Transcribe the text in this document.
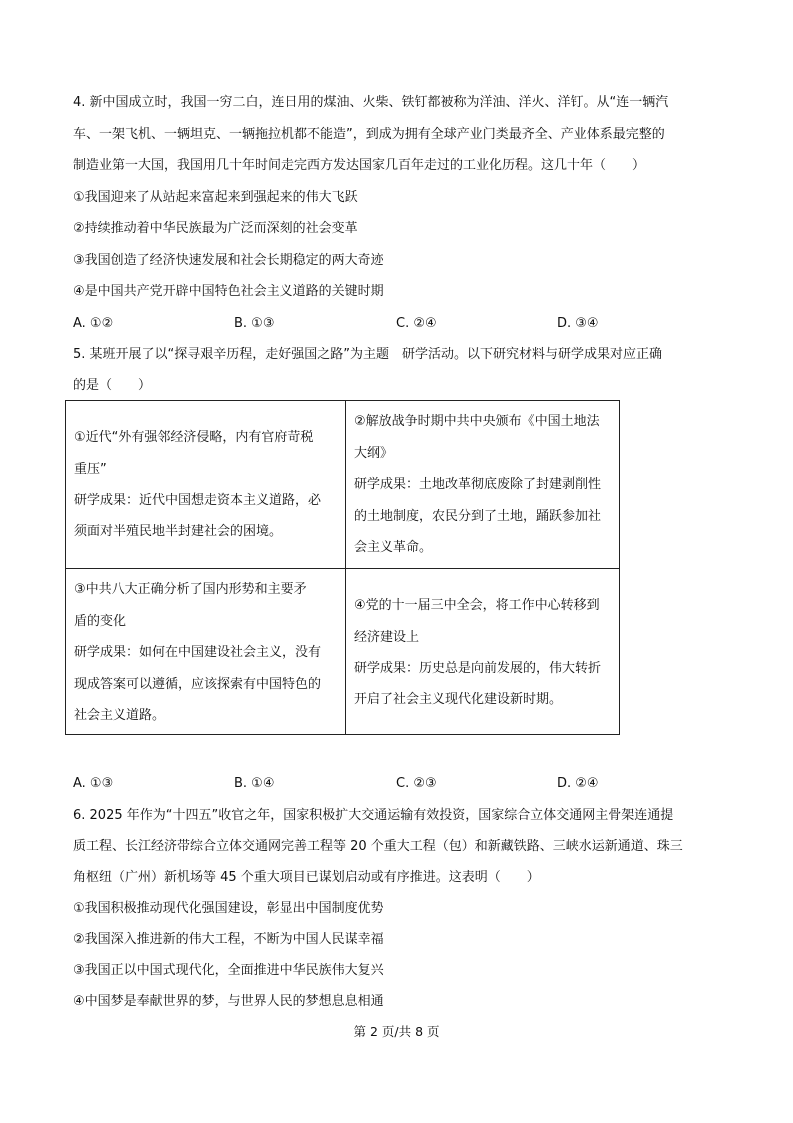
4. 新中国成立时，我国一穷二白，连日用的煤油、火柴、铁钉都被称为洋油、洋火、洋钉。从“连一辆汽
车、一架飞机、一辆坦克、一辆拖拉机都不能造”，到成为拥有全球产业门类最齐全、产业体系最完整的
制造业第一大国，我国用几十年时间走完西方发达国家几百年走过的工业化历程。这几十年（　　）
①我国迎来了从站起来富起来到强起来的伟大飞跃
②持续推动着中华民族最为广泛而深刻的社会变革
③我国创造了经济快速发展和社会长期稳定的两大奇迹
④是中国共产党开辟中国特色社会主义道路的关键时期
A. ①②	B. ①③	C. ②④	D. ③④
5. 某班开展了以“探寻艰辛历程，走好强国之路”为主题　研学活动。以下研究材料与研学成果对应正确
的是（　　）
①近代“外有强邻经济侵略，内有官府苛税
重压”
研学成果：近代中国想走资本主义道路，必
须面对半殖民地半封建社会的困境。
②解放战争时期中共中央颁布《中国土地法
大纲》
研学成果：土地改革彻底废除了封建剥削性
的土地制度，农民分到了土地，踊跃参加社
会主义革命。
③中共八大正确分析了国内形势和主要矛
盾的变化
研学成果：如何在中国建设社会主义，没有
现成答案可以遵循，应该探索有中国特色的
社会主义道路。
④党的十一届三中全会，将工作中心转移到
经济建设上
研学成果：历史总是向前发展的，伟大转折
开启了社会主义现代化建设新时期。
A. ①③	B. ①④	C. ②③	D. ②④
6. 2025 年作为“十四五”收官之年，国家积极扩大交通运输有效投资，国家综合立体交通网主骨架连通提
质工程、长江经济带综合立体交通网完善工程等 20 个重大工程（包）和新藏铁路、三峡水运新通道、珠三
角枢纽（广州）新机场等 45 个重大项目已谋划启动或有序推进。这表明（　　）
①我国积极推动现代化强国建设，彰显出中国制度优势
②我国深入推进新的伟大工程，不断为中国人民谋幸福
③我国正以中国式现代化，全面推进中华民族伟大复兴
④中国梦是奉献世界的梦，与世界人民的梦想息息相通
第 2 页/共 8 页
